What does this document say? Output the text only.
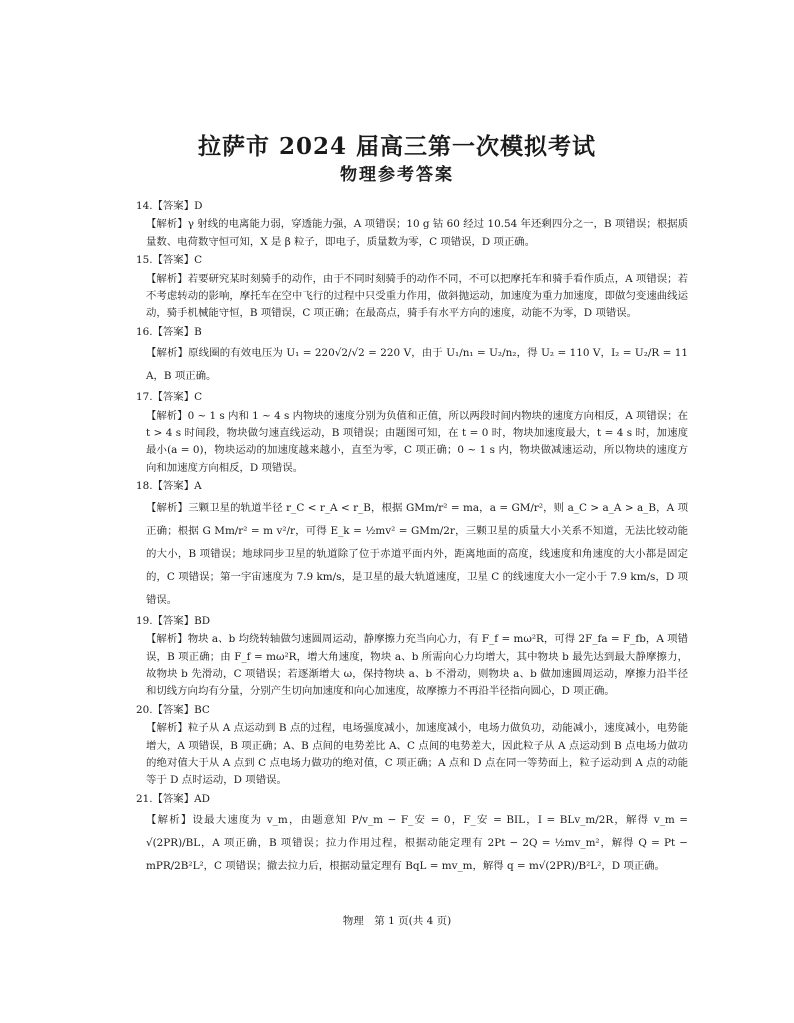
拉萨市 2024 届高三第一次模拟考试
物理参考答案
14.【答案】D
【解析】γ 射线的电离能力弱，穿透能力强，A 项错误；10 g 钴 60 经过 10.54 年还剩四分之一，B 项错误；根据质量数、电荷数守恒可知，X 是 β 粒子，即电子，质量数为零，C 项错误，D 项正确。
15.【答案】C
【解析】若要研究某时刻骑手的动作，由于不同时刻骑手的动作不同，不可以把摩托车和骑手看作质点，A 项错误；若不考虑转动的影响，摩托车在空中飞行的过程中只受重力作用，做斜抛运动，加速度为重力加速度，即做匀变速曲线运动，骑手机械能守恒，B 项错误，C 项正确；在最高点，骑手有水平方向的速度，动能不为零，D 项错误。
16.【答案】B
【解析】原线圈的有效电压为 U₁ = 220√2/√2 = 220 V，由于 U₁/n₁ = U₂/n₂，得 U₂ = 110 V，I₂ = U₂/R = 11 A，B 项正确。
17.【答案】C
【解析】0 ~ 1 s 内和 1 ~ 4 s 内物块的速度分别为负值和正值，所以两段时间内物块的速度方向相反，A 项错误；在 t > 4 s 时间段，物块做匀速直线运动，B 项错误；由题图可知，在 t = 0 时，物块加速度最大，t = 4 s 时，加速度最小(a = 0)，物块运动的加速度越来越小，直至为零，C 项正确；0 ~ 1 s 内，物块做减速运动，所以物块的速度方向和加速度方向相反，D 项错误。
18.【答案】A
【解析】三颗卫星的轨道半径 r_C < r_A < r_B，根据 GMm/r² = ma，a = GM/r²，则 a_C > a_A > a_B，A 项正确；根据 G Mm/r² = m v²/r，可得 E_k = ½mv² = GMm/2r，三颗卫星的质量大小关系不知道，无法比较动能的大小，B 项错误；地球同步卫星的轨道除了位于赤道平面内外，距离地面的高度，线速度和角速度的大小都是固定的，C 项错误；第一宇宙速度为 7.9 km/s，是卫星的最大轨道速度，卫星 C 的线速度大小一定小于 7.9 km/s，D 项错误。
19.【答案】BD
【解析】物块 a、b 均绕转轴做匀速圆周运动，静摩擦力充当向心力，有 F_f = mω²R，可得 2F_fa = F_fb，A 项错误，B 项正确；由 F_f = mω²R，增大角速度，物块 a、b 所需向心力均增大，其中物块 b 最先达到最大静摩擦力，故物块 b 先滑动，C 项错误；若逐渐增大 ω，保持物块 a、b 不滑动，则物块 a、b 做加速圆周运动，摩擦力沿半径和切线方向均有分量，分别产生切向加速度和向心加速度，故摩擦力不再沿半径指向圆心，D 项正确。
20.【答案】BC
【解析】粒子从 A 点运动到 B 点的过程，电场强度减小，加速度减小，电场力做负功，动能减小，速度减小，电势能增大，A 项错误，B 项正确；A、B 点间的电势差比 A、C 点间的电势差大，因此粒子从 A 点运动到 B 点电场力做功的绝对值大于从 A 点到 C 点电场力做功的绝对值，C 项正确；A 点和 D 点在同一等势面上，粒子运动到 A 点的动能等于 D 点时运动，D 项错误。
21.【答案】AD
【解析】设最大速度为 v_m，由题意知 P/v_m − F_安 = 0，F_安 = BIL，I = BLv_m/2R，解得 v_m = √(2PR)/BL，A 项正确，B 项错误；拉力作用过程，根据动能定理有 2Pt − 2Q = ½mv_m²，解得 Q = Pt − mPR/2B²L²，C 项错误；撤去拉力后，根据动量定理有 BqL = mv_m，解得 q = m√(2PR)/B²L²，D 项正确。
物理　第 1 页(共 4 页)
